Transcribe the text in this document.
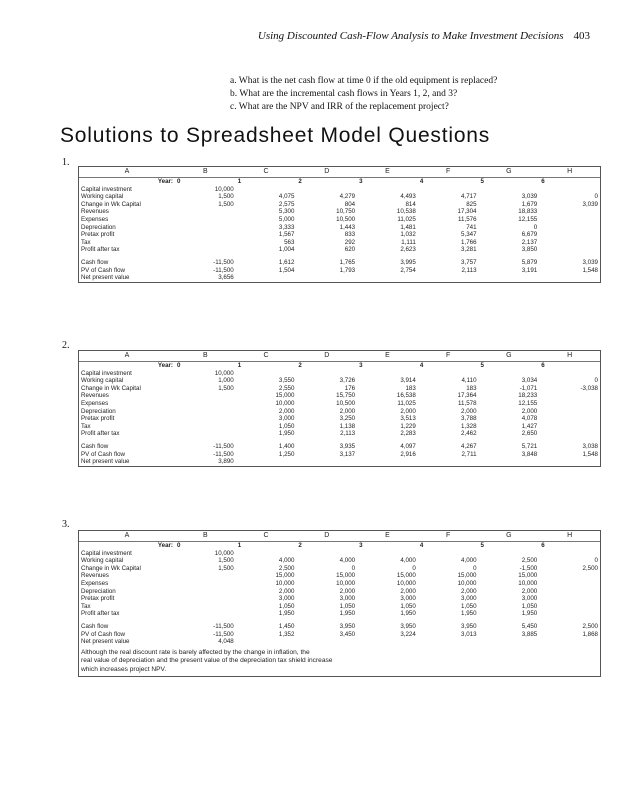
Using Discounted Cash-Flow Analysis to Make Investment Decisions 403
a. What is the net cash flow at time 0 if the old equipment is replaced?
b. What are the incremental cash flows in Years 1, 2, and 3?
c. What are the NPV and IRR of the replacement project?
Solutions to Spreadsheet Model Questions
1.
A	B	C	D	E	F	G	H
Year:	0	1	2	3	4	5	6
Capital investment	10,000						
Working capital	1,500	4,075	4,279	4,493	4,717	3,039	0
Change in Wk Capital	1,500	2,575	804	814	825	1,679	3,039
Revenues		5,300	10,750	10,538	17,304	18,833	
Expenses		5,000	10,500	11,025	11,576	12,155	
Depreciation		3,333	1,443	1,481	741	0	
Pretax profit		1,567	833	1,032	5,347	6,679	
Tax		563	292	1,111	1,766	2,137	
Profit after tax		1,004	620	2,623	3,281	3,850	

Cash flow	-11,500	1,612	1,765	3,995	3,757	5,879	3,039
PV of Cash flow	-11,500	1,504	1,793	2,754	2,113	3,191	1,548
Net present value	3,656						
2.
A	B	C	D	E	F	G	H
Year:	0	1	2	3	4	5	6
Capital investment	10,000						
Working capital	1,000	3,550	3,726	3,914	4,110	3,034	0
Change in Wk Capital	1,500	2,550	176	183	183	-1,071	-3,038
Revenues		15,000	15,750	16,538	17,364	18,233	
Expenses		10,000	10,500	11,025	11,578	12,155	
Depreciation		2,000	2,000	2,000	2,000	2,000	
Pretax profit		3,000	3,250	3,513	3,788	4,078	
Tax		1,050	1,138	1,229	1,328	1,427	
Profit after tax		1,950	2,113	2,283	2,462	2,650	

Cash flow	-11,500	1,400	3,935	4,097	4,267	5,721	3,038
PV of Cash flow	-11,500	1,250	3,137	2,916	2,711	3,848	1,548
Net present value	3,890						
3.
A	B	C	D	E	F	G	H
Year:	0	1	2	3	4	5	6
Capital investment	10,000						
Working capital	1,500	4,000	4,000	4,000	4,000	2,500	0
Change in Wk Capital	1,500	2,500	0	0	0	-1,500	2,500
Revenues		15,000	15,000	15,000	15,000	15,000	
Expenses		10,000	10,000	10,000	10,000	10,000	
Depreciation		2,000	2,000	2,000	2,000	2,000	
Pretax profit		3,000	3,000	3,000	3,000	3,000	
Tax		1,050	1,050	1,050	1,050	1,050	
Profit after tax		1,950	1,950	1,950	1,950	1,950	

Cash flow	-11,500	1,450	3,950	3,950	3,950	5,450	2,500
PV of Cash flow	-11,500	1,352	3,450	3,224	3,013	3,885	1,868
Net present value	4,048						
Although the real discount rate is barely affected by the change in inflation, the
real value of depreciation and the present value of the depreciation tax shield increase
which increases project NPV.
